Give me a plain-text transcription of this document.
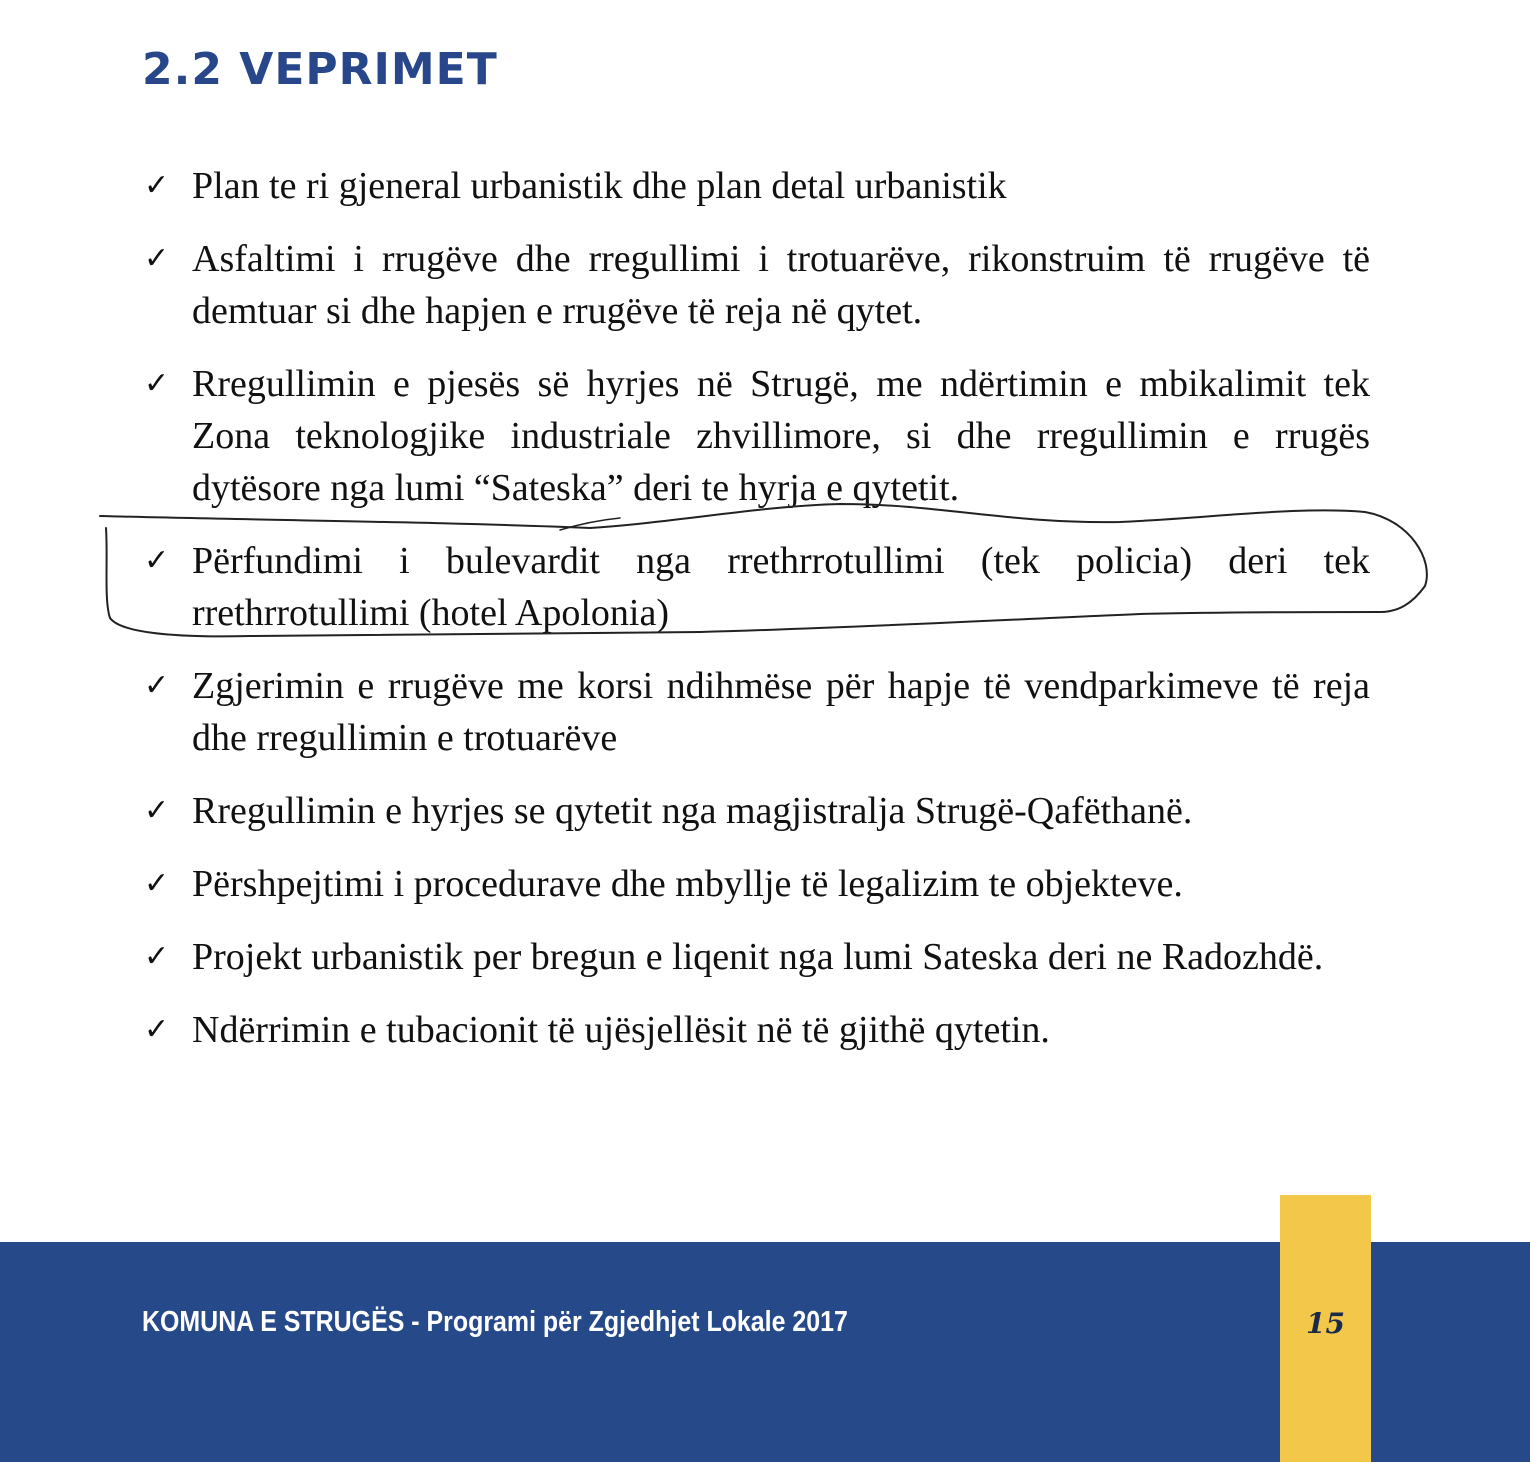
2.2 VEPRIMET
✓ Plan te ri gjeneral urbanistik dhe plan detal urbanistik
✓ Asfaltimi i rrugëve dhe rregullimi i trotuarëve, rikonstruim të rrugëve të demtuar si dhe hapjen e rrugëve të reja në qytet.
✓ Rregullimin e pjesës së hyrjes në Strugë, me ndërtimin e mbikalimit tek Zona teknologjike industriale zhvillimore, si dhe rregullimin e rrugës dytësore nga lumi “Sateska” deri te hyrja e qytetit.
✓ Përfundimi i bulevardit nga rrethrrotullimi (tek policia) deri tek rrethrrotullimi (hotel Apolonia)
✓ Zgjerimin e rrugëve me korsi ndihmëse për hapje të vendparkimeve të reja dhe rregullimin e trotuarëve
✓ Rregullimin e hyrjes se qytetit nga magjistralja Strugë-Qafëthanë.
✓ Përshpejtimi i procedurave dhe mbyllje të legalizim te objekteve.
✓ Projekt urbanistik per bregun e liqenit nga lumi Sateska deri ne Radozhdë.
✓ Ndërrimin e tubacionit të ujësjellësit në të gjithë qytetin.
KOMUNA E STRUGËS - Programi për Zgjedhjet Lokale 2017	15
